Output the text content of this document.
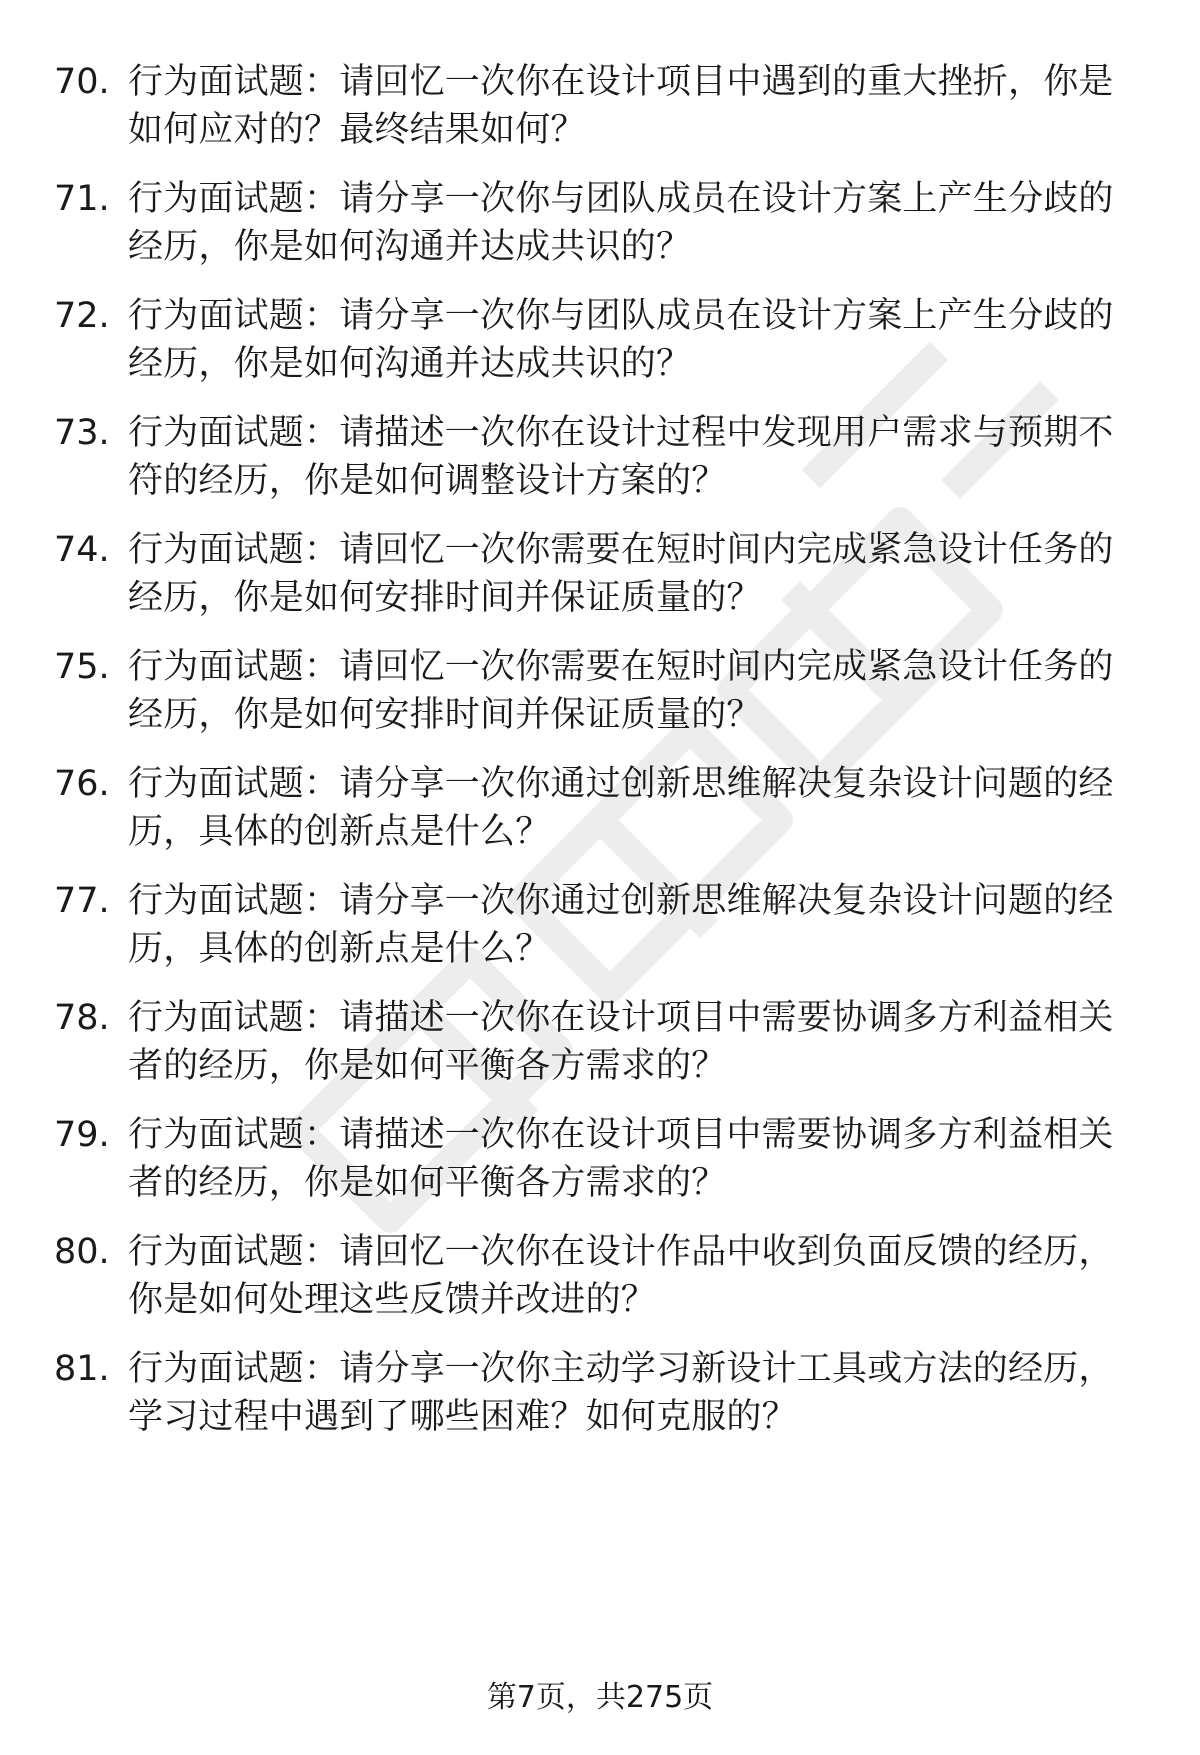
70. 行为面试题：请回忆一次你在设计项目中遇到的重大挫折，你是
如何应对的？最终结果如何？
71. 行为面试题：请分享一次你与团队成员在设计方案上产生分歧的
经历，你是如何沟通并达成共识的？
72. 行为面试题：请分享一次你与团队成员在设计方案上产生分歧的
经历，你是如何沟通并达成共识的？
73. 行为面试题：请描述一次你在设计过程中发现用户需求与预期不
符的经历，你是如何调整设计方案的？
74. 行为面试题：请回忆一次你需要在短时间内完成紧急设计任务的
经历，你是如何安排时间并保证质量的？
75. 行为面试题：请回忆一次你需要在短时间内完成紧急设计任务的
经历，你是如何安排时间并保证质量的？
76. 行为面试题：请分享一次你通过创新思维解决复杂设计问题的经
历，具体的创新点是什么？
77. 行为面试题：请分享一次你通过创新思维解决复杂设计问题的经
历，具体的创新点是什么？
78. 行为面试题：请描述一次你在设计项目中需要协调多方利益相关
者的经历，你是如何平衡各方需求的？
79. 行为面试题：请描述一次你在设计项目中需要协调多方利益相关
者的经历，你是如何平衡各方需求的？
80. 行为面试题：请回忆一次你在设计作品中收到负面反馈的经历，
你是如何处理这些反馈并改进的？
81. 行为面试题：请分享一次你主动学习新设计工具或方法的经历，
学习过程中遇到了哪些困难？如何克服的？
第7页，共275页
